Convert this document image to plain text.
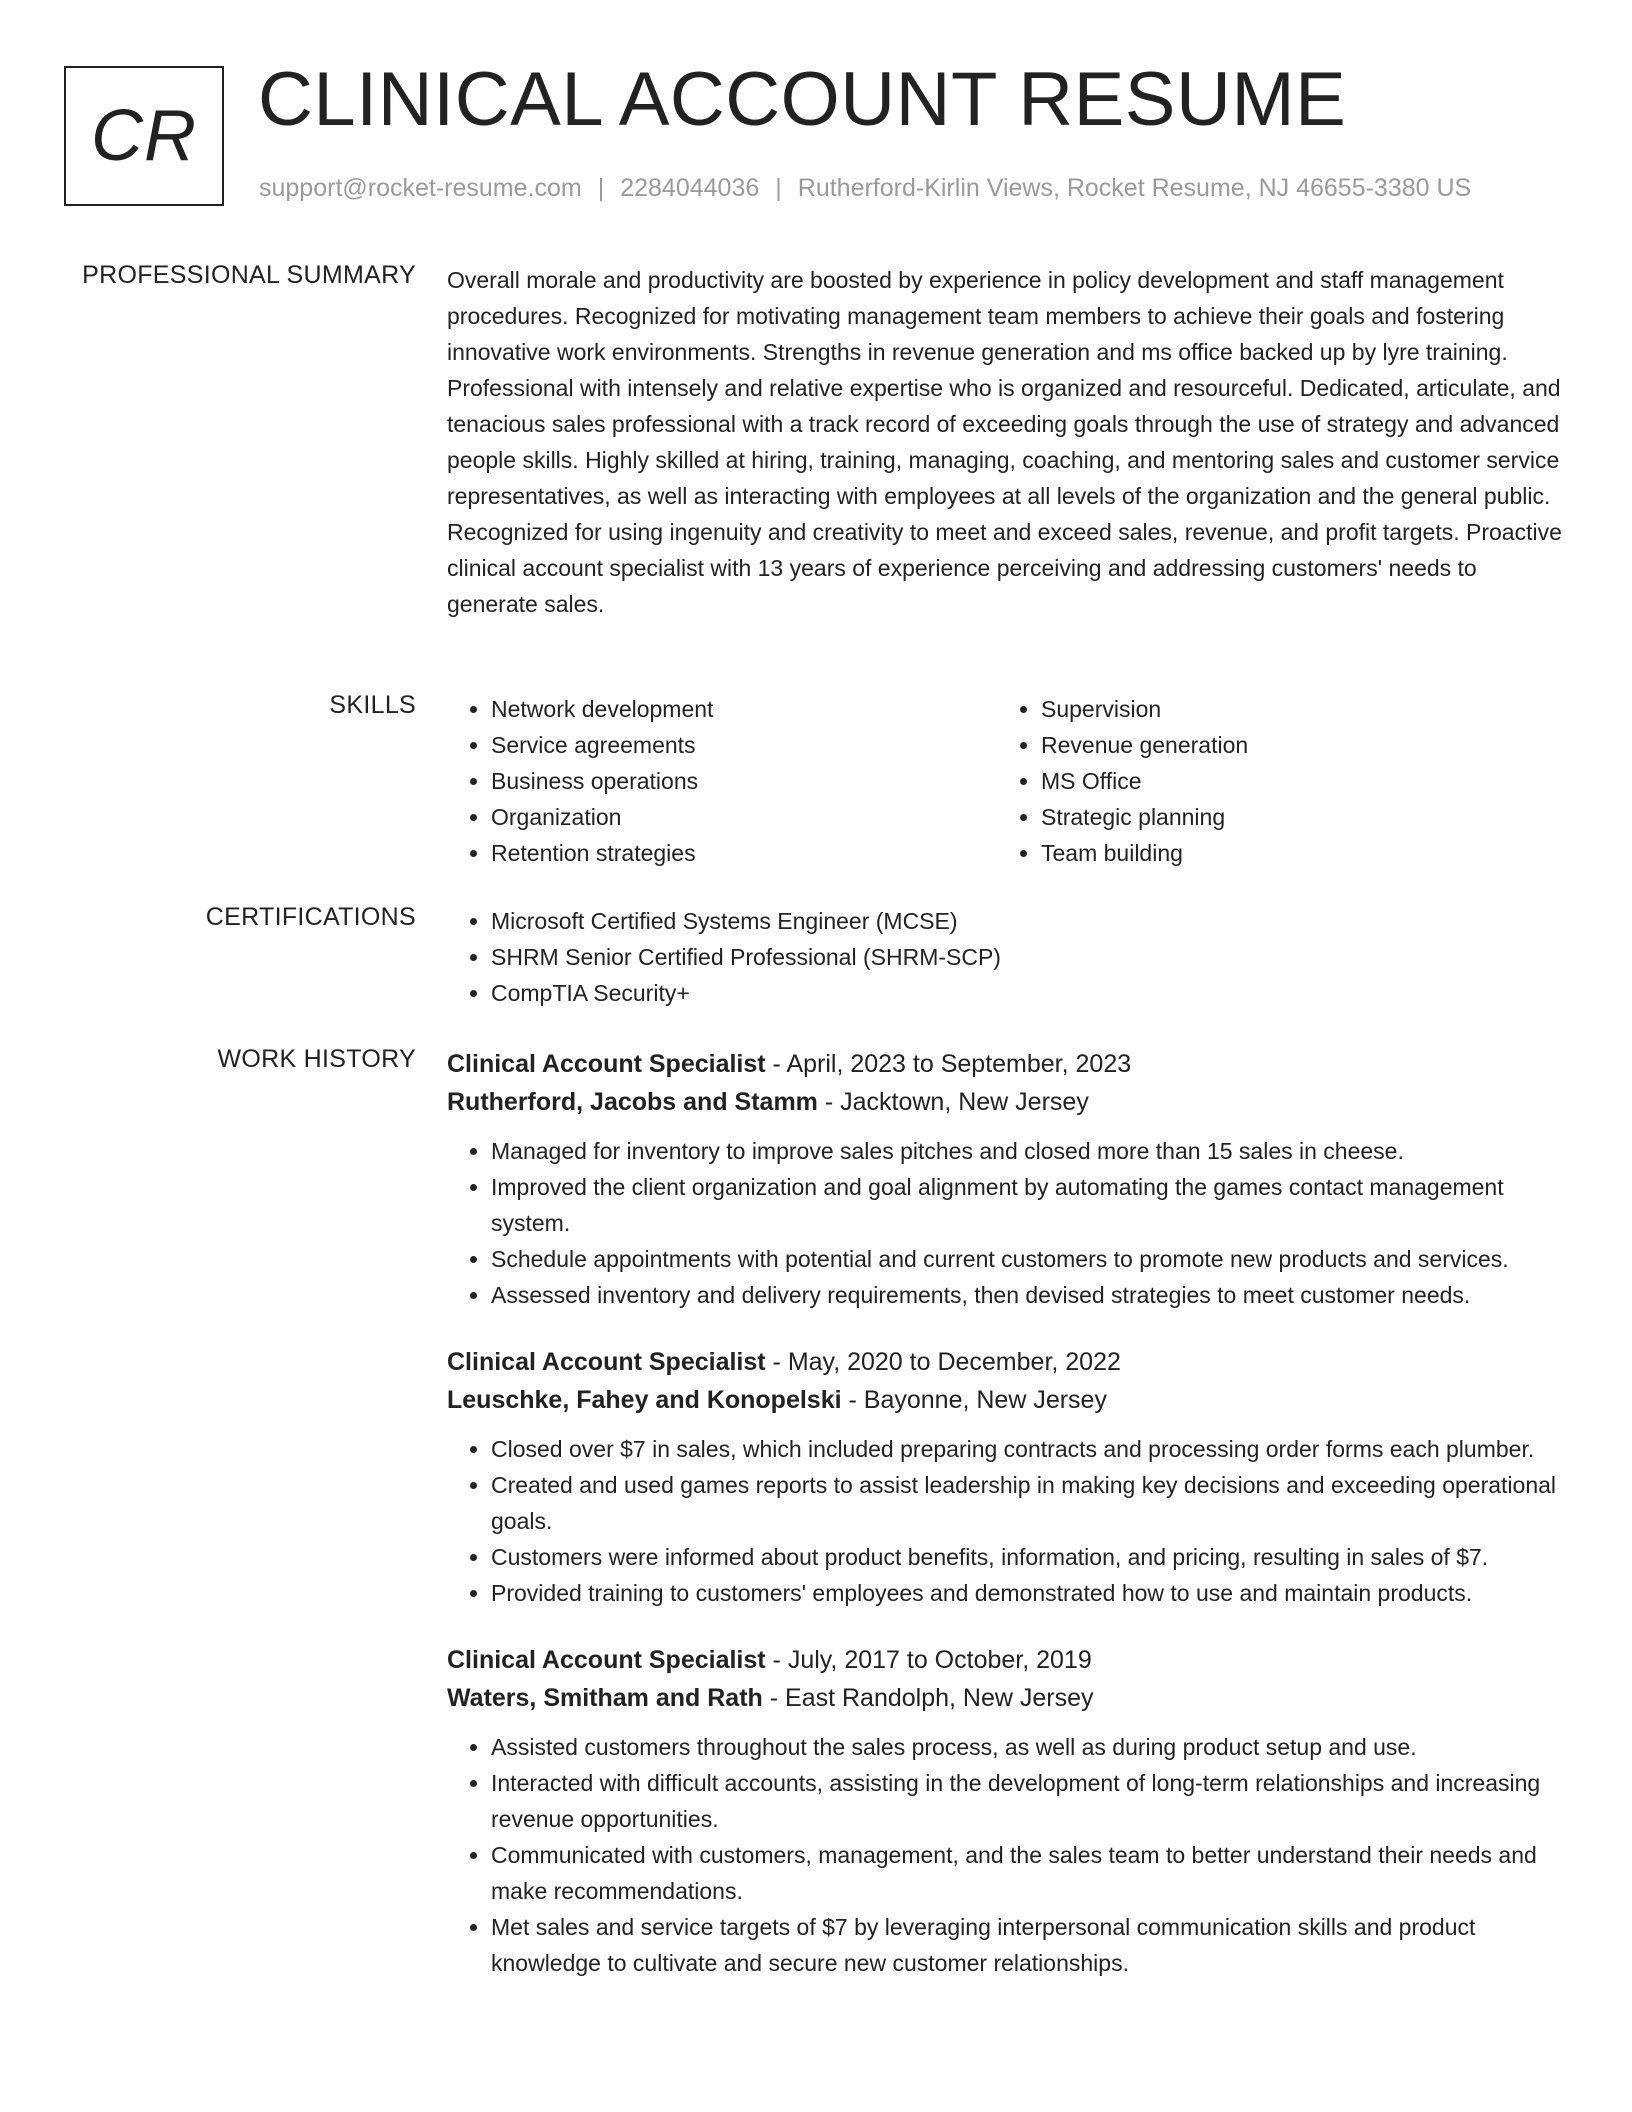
CR CLINICAL ACCOUNT RESUME
support@rocket-resume.com | 2284044036 | Rutherford-Kirlin Views, Rocket Resume, NJ 46655-3380 US
PROFESSIONAL SUMMARY Overall morale and productivity are boosted by experience in policy development and staff management procedures. Recognized for motivating management team members to achieve their goals and fostering innovative work environments. Strengths in revenue generation and ms office backed up by lyre training. Professional with intensely and relative expertise who is organized and resourceful. Dedicated, articulate, and tenacious sales professional with a track record of exceeding goals through the use of strategy and advanced people skills. Highly skilled at hiring, training, managing, coaching, and mentoring sales and customer service representatives, as well as interacting with employees at all levels of the organization and the general public. Recognized for using ingenuity and creativity to meet and exceed sales, revenue, and profit targets. Proactive clinical account specialist with 13 years of experience perceiving and addressing customers' needs to generate sales.

SKILLS	• Network development
• Service agreements
• Business operations
• Organization
• Retention strategies
• Supervision
• Revenue generation
• MS Office
• Strategic planning
• Team building
CERTIFICATIONS	• Microsoft Certified Systems Engineer (MCSE)
• SHRM Senior Certified Professional (SHRM-SCP)
• CompTIA Security+
WORK HISTORY Clinical Account Specialist - April, 2023 to September, 2023
Rutherford, Jacobs and Stamm - Jacktown, New Jersey
• Managed for inventory to improve sales pitches and closed more than 15 sales in cheese.
• Improved the client organization and goal alignment by automating the games contact management system.
• Schedule appointments with potential and current customers to promote new products and services.
• Assessed inventory and delivery requirements, then devised strategies to meet customer needs.
Clinical Account Specialist - May, 2020 to December, 2022
Leuschke, Fahey and Konopelski - Bayonne, New Jersey
• Closed over $7 in sales, which included preparing contracts and processing order forms each plumber.
• Created and used games reports to assist leadership in making key decisions and exceeding operational goals.
• Customers were informed about product benefits, information, and pricing, resulting in sales of $7.
• Provided training to customers' employees and demonstrated how to use and maintain products.
Clinical Account Specialist - July, 2017 to October, 2019
Waters, Smitham and Rath - East Randolph, New Jersey
• Assisted customers throughout the sales process, as well as during product setup and use.
• Interacted with difficult accounts, assisting in the development of long-term relationships and increasing revenue opportunities.
• Communicated with customers, management, and the sales team to better understand their needs and make recommendations.
• Met sales and service targets of $7 by leveraging interpersonal communication skills and product knowledge to cultivate and secure new customer relationships.
